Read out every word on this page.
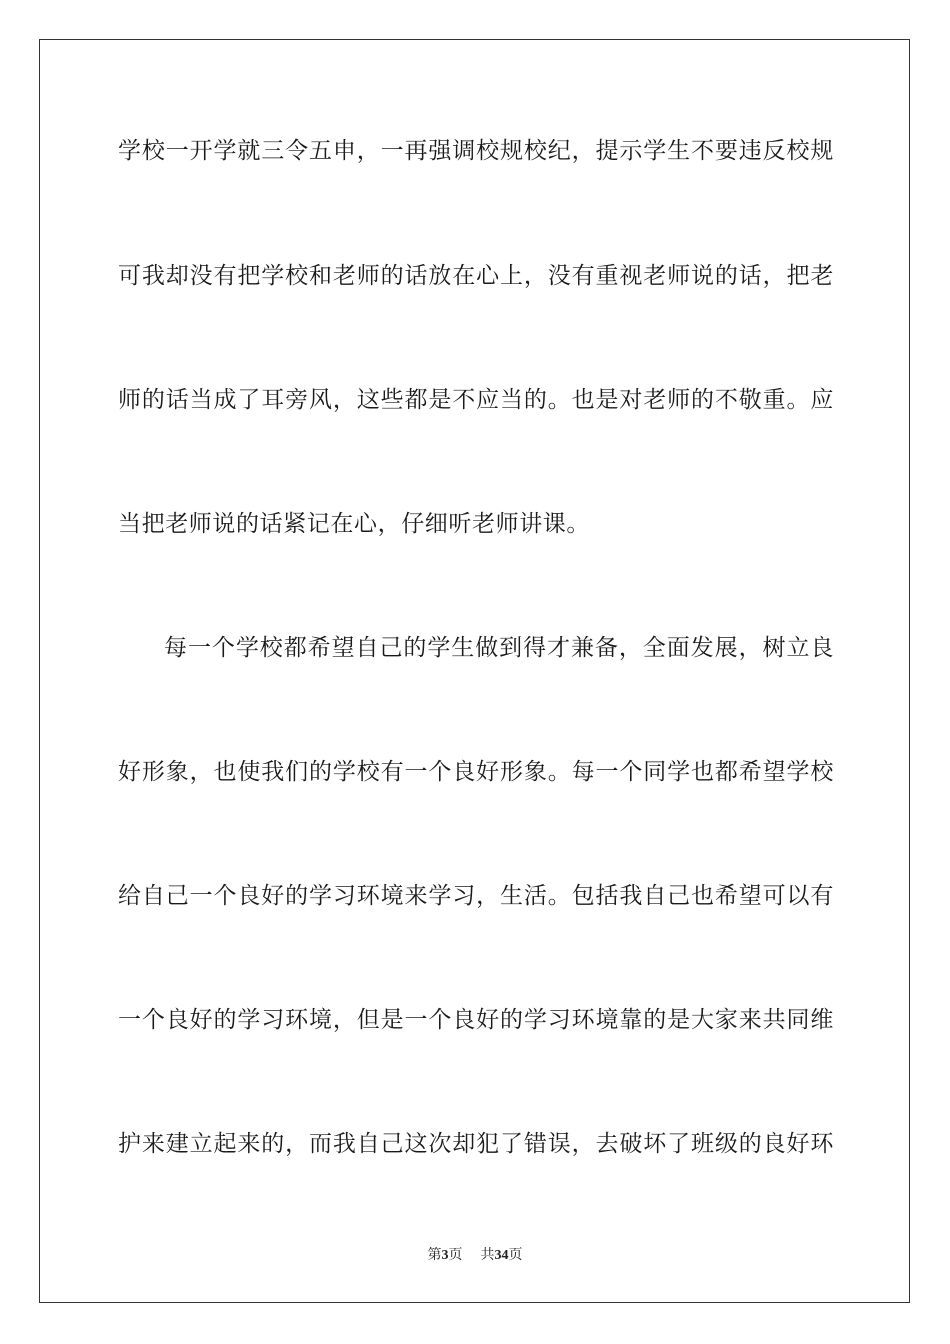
学校一开学就三令五申，一再强调校规校纪，提示学生不要违反校规
可我却没有把学校和老师的话放在心上，没有重视老师说的话，把老
师的话当成了耳旁风，这些都是不应当的。也是对老师的不敬重。应
当把老师说的话紧记在心，仔细听老师讲课。
每一个学校都希望自己的学生做到得才兼备，全面发展，树立良
好形象，也使我们的学校有一个良好形象。每一个同学也都希望学校
给自己一个良好的学习环境来学习，生活。包括我自己也希望可以有
一个良好的学习环境，但是一个良好的学习环境靠的是大家来共同维
护来建立起来的，而我自己这次却犯了错误，去破坏了班级的良好环
第3页 共34页
